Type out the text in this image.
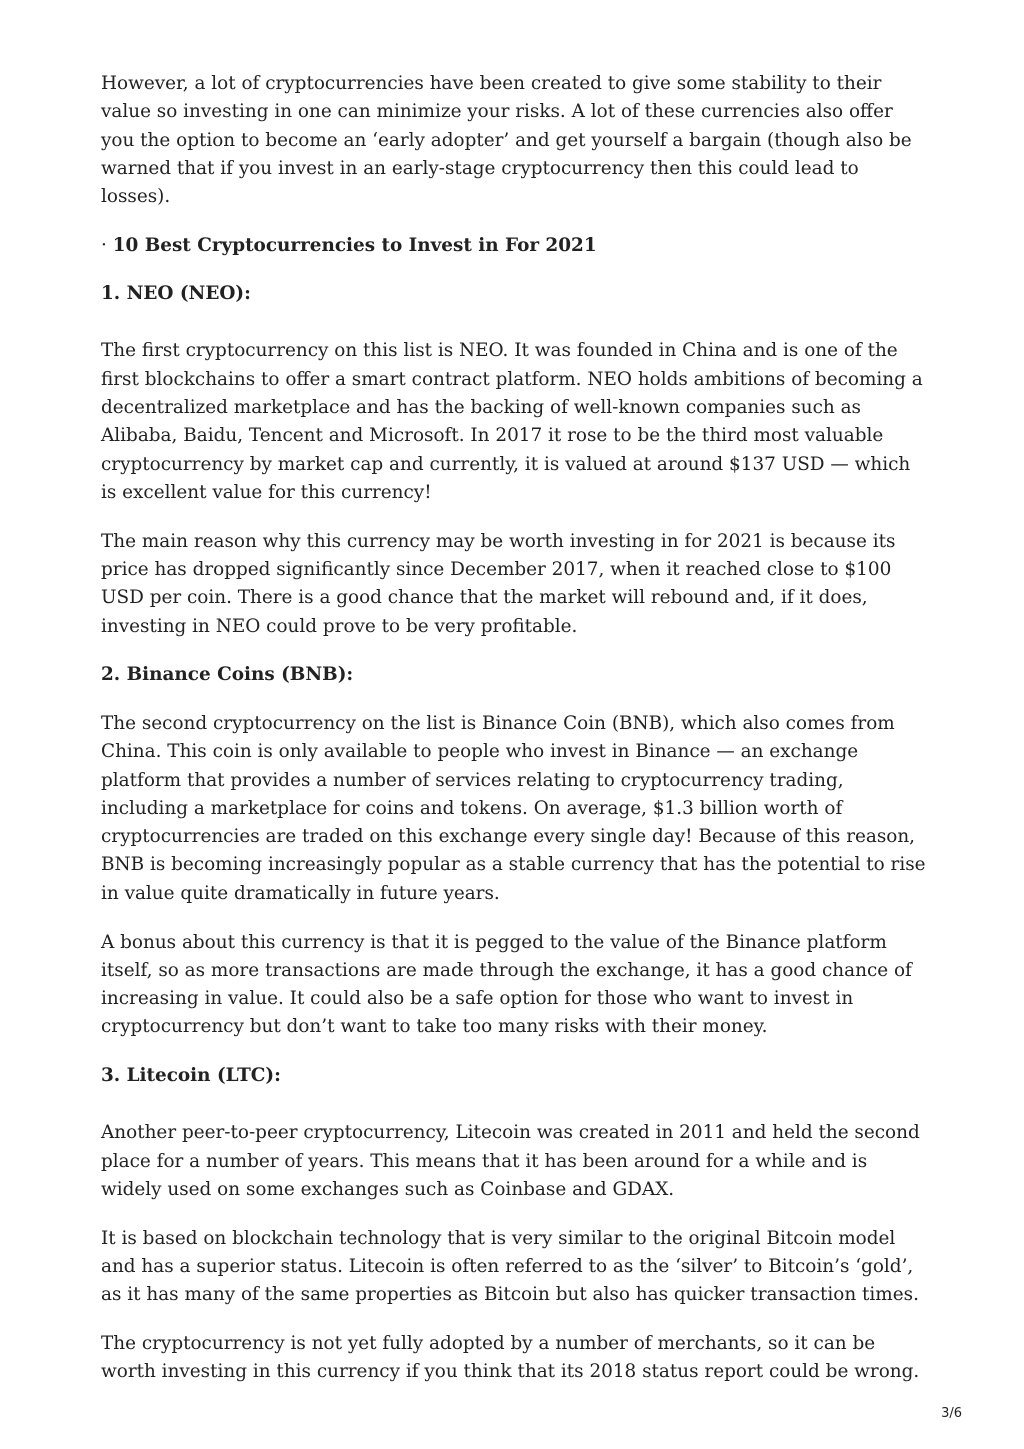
However, a lot of cryptocurrencies have been created to give some stability to their value so investing in one can minimize your risks. A lot of these currencies also offer you the option to become an ‘early adopter’ and get yourself a bargain (though also be warned that if you invest in an early-stage cryptocurrency then this could lead to losses).

· 10 Best Cryptocurrencies to Invest in For 2021

1. NEO (NEO):

The first cryptocurrency on this list is NEO. It was founded in China and is one of the first blockchains to offer a smart contract platform. NEO holds ambitions of becoming a decentralized marketplace and has the backing of well-known companies such as Alibaba, Baidu, Tencent and Microsoft. In 2017 it rose to be the third most valuable cryptocurrency by market cap and currently, it is valued at around $137 USD — which is excellent value for this currency!

The main reason why this currency may be worth investing in for 2021 is because its price has dropped significantly since December 2017, when it reached close to $100 USD per coin. There is a good chance that the market will rebound and, if it does, investing in NEO could prove to be very profitable.

2. Binance Coins (BNB):

The second cryptocurrency on the list is Binance Coin (BNB), which also comes from China. This coin is only available to people who invest in Binance — an exchange platform that provides a number of services relating to cryptocurrency trading, including a marketplace for coins and tokens. On average, $1.3 billion worth of cryptocurrencies are traded on this exchange every single day! Because of this reason, BNB is becoming increasingly popular as a stable currency that has the potential to rise in value quite dramatically in future years.

A bonus about this currency is that it is pegged to the value of the Binance platform itself, so as more transactions are made through the exchange, it has a good chance of increasing in value. It could also be a safe option for those who want to invest in cryptocurrency but don’t want to take too many risks with their money.

3. Litecoin (LTC):

Another peer-to-peer cryptocurrency, Litecoin was created in 2011 and held the second place for a number of years. This means that it has been around for a while and is widely used on some exchanges such as Coinbase and GDAX.

It is based on blockchain technology that is very similar to the original Bitcoin model and has a superior status. Litecoin is often referred to as the ‘silver’ to Bitcoin’s ‘gold’, as it has many of the same properties as Bitcoin but also has quicker transaction times.

The cryptocurrency is not yet fully adopted by a number of merchants, so it can be worth investing in this currency if you think that its 2018 status report could be wrong.

3/6
